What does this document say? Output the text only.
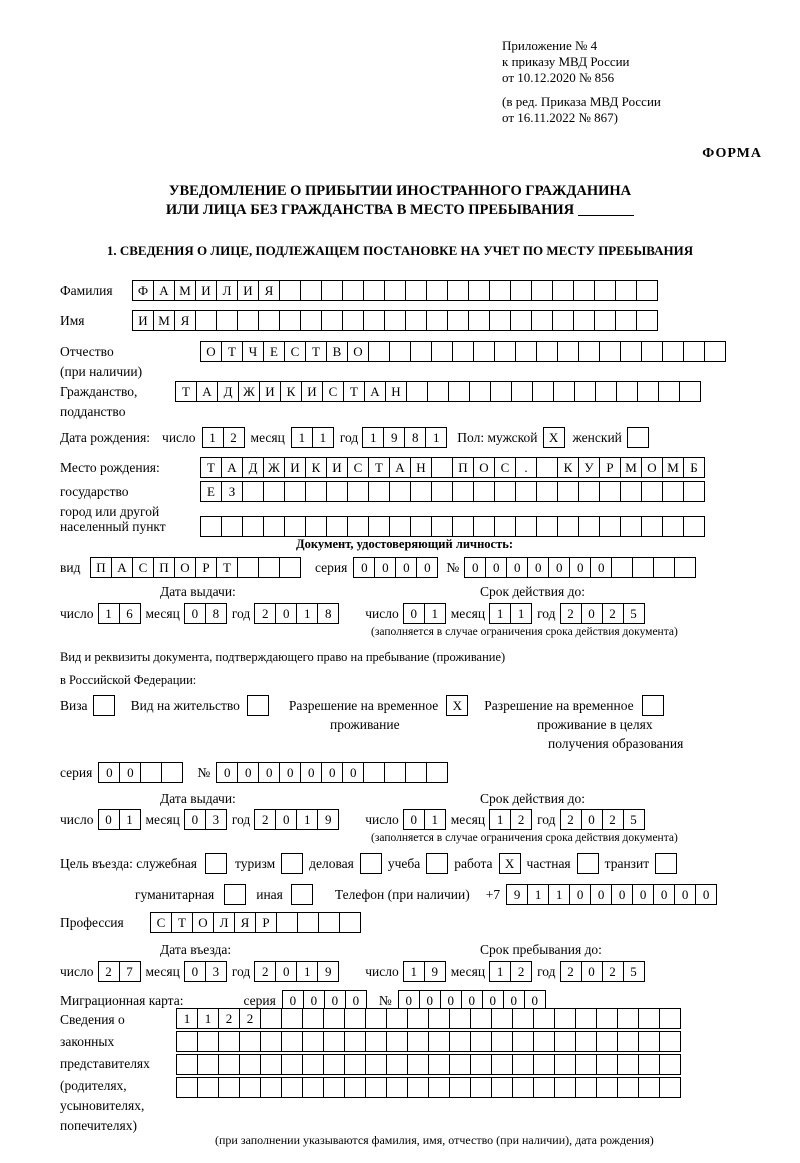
Приложение № 4
к приказу МВД России
от 10.12.2020 № 856
(в ред. Приказа МВД России
от 16.11.2022 № 867)
ФОРМА
УВЕДОМЛЕНИЕ О ПРИБЫТИИ ИНОСТРАННОГО ГРАЖДАНИНА
ИЛИ ЛИЦА БЕЗ ГРАЖДАНСТВА В МЕСТО ПРЕБЫВАНИЯ
1. СВЕДЕНИЯ О ЛИЦЕ, ПОДЛЕЖАЩЕМ ПОСТАНОВКЕ НА УЧЕТ ПО МЕСТУ ПРЕБЫВАНИЯ
Фамилия	Ф А М И Л И Я
Имя	И М Я
Отчество	О Т Ч Е С Т В О
(при наличии)
Гражданство,	Т А Д Ж И К И С Т А Н
подданство
Дата рождения: число	1	2	месяц	1	1	год 1	9	8	1	Пол: мужской X	женский
Место рождения:	Т А Д Ж И К И С Т А Н	П О С	.	К У Р М О М Б
государство	Е	З
город или другой
населенный пункт
Документ, удостоверяющий личность:
вид	П А С П О Р	Т	серия	0	0	0	0	№ 0	0	0	0	0	0	0
Дата выдачи:	Срок действия до:
число 1	6 месяц 0	8 год 2	0	1	8	число 0	1 месяц 1	1 год 2	0	2	5
(заполняется в случае ограничения срока действия документа)
Вид и реквизиты документа, подтверждающего право на пребывание (проживание)
в Российской Федерации:
Виза	Вид на жительство	Разрешение на временное	X	Разрешение на временное
проживание	проживание в целях
получения образования
серия	0	0	№	0	0	0	0	0	0	0
Дата выдачи:	Срок действия до:
число 0	1 месяц 0	3 год 2	0	1	9	число 0	1 месяц 1	2 год 2	0	2	5
(заполняется в случае ограничения срока действия документа)
Цель въезда: служебная	туризм	деловая	учеба	работа X частная	транзит
гуманитарная	иная	Телефон (при наличии) +7	9	1	1	0	0	0	0	0	0	0
Профессия	С Т О Л Я	Р
Дата въезда:	Срок пребывания до:
число 2	7 месяц 0	3 год 2	0	1	9	число 1	9 месяц 1	2 год 2	0	2	5
Миграционная карта:	серия	0	0	0	0	№	0	0	0	0	0	0	0
Сведения о
законных
представителях
(родителях,
усыновителях,
попечителях)
1	1	2	2
(при заполнении указываются фамилия, имя, отчество (при наличии), дата рождения)
